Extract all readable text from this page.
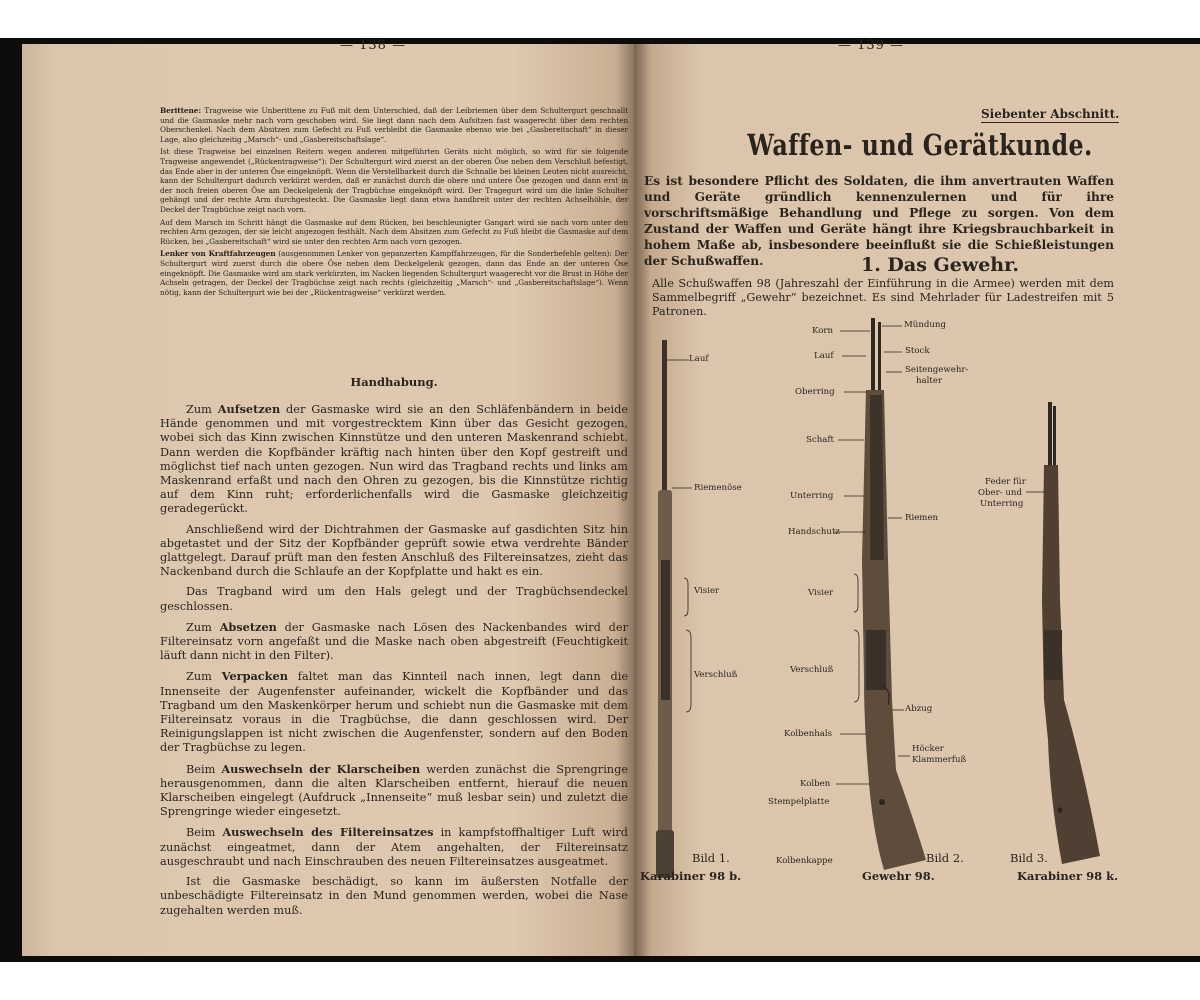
— 138 —

Berittene: Tragweise wie Unberittene zu Fuß mit dem Unterschied, daß der Leibriemen über dem Schultergurt geschnallt und die Gasmaske mehr nach vorn geschoben wird. Sie liegt dann nach dem Aufsitzen fast waagerecht über dem rechten Oberschenkel. Nach dem Absitzen zum Gefecht zu Fuß verbleibt die Gasmaske ebenso wie bei „Gasbereitschaft“ in dieser Lage, also gleichzeitig „Marsch“- und „Gasbereitschaftslage“.

Ist diese Tragweise bei einzelnen Reitern wegen anderen mitgeführten Geräts nicht möglich, so wird für sie folgende Tragweise angewendet („Rückentragweise“): Der Schultergurt wird zuerst an der oberen Öse neben dem Verschluß befestigt, das Ende aber in der unteren Öse eingeknöpft. Wenn die Verstellbarkeit durch die Schnalle bei kleinen Leuten nicht ausreicht, kann der Schultergurt dadurch verkürzt werden, daß er zunächst durch die obere und untere Öse gezogen und dann erst in der noch freien oberen Öse am Deckelgelenk der Tragbüchse eingeknöpft wird. Der Tragegurt wird um die linke Schulter gehängt und der rechte Arm durchgesteckt. Die Gasmaske liegt dann etwa handbreit unter der rechten Achselhöhle, der Deckel der Tragbüchse zeigt nach vorn.

Auf dem Marsch im Schritt hängt die Gasmaske auf dem Rücken, bei beschleunigter Gangart wird sie nach vorn unter den rechten Arm gezogen, der sie leicht angezogen festhält. Nach dem Absitzen zum Gefecht zu Fuß bleibt die Gasmaske auf dem Rücken, bei „Gasbereitschaft“ wird sie unter den rechten Arm nach vorn gezogen.

Lenker von Kraftfahrzeugen (ausgenommen Lenker von gepanzerten Kampffahrzeugen, für die Sonderbefehle gelten): Der Schultergurt wird zuerst durch die obere Öse neben dem Deckelgelenk gezogen, dann das Ende an der unteren Öse eingeknöpft. Die Gasmaske wird am stark verkürzten, im Nacken liegenden Schultergurt waagerecht vor die Brust in Höhe der Achseln getragen, der Deckel der Tragbüchse zeigt nach rechts (gleichzeitig „Marsch“- und „Gasbereitschaftslage“). Wenn nötig, kann der Schultergurt wie bei der „Rückentragweise“ verkürzt werden.

Handhabung.

Zum Aufsetzen der Gasmaske wird sie an den Schläfenbändern in beide Hände genommen und mit vorgestrecktem Kinn über das Gesicht gezogen, wobei sich das Kinn zwischen Kinnstütze und den unteren Maskenrand schiebt. Dann werden die Kopfbänder kräftig nach hinten über den Kopf gestreift und möglichst tief nach unten gezogen. Nun wird das Tragband rechts und links am Maskenrand erfaßt und nach den Ohren zu gezogen, bis die Kinnstütze richtig auf dem Kinn ruht; erforderlichenfalls wird die Gasmaske gleichzeitig geradegerückt.

Anschließend wird der Dichtrahmen der Gasmaske auf gasdichten Sitz hin abgetastet und der Sitz der Kopfbänder geprüft sowie etwa verdrehte Bänder glattgelegt. Darauf prüft man den festen Anschluß des Filtereinsatzes, zieht das Nackenband durch die Schlaufe an der Kopfplatte und hakt es ein.

Das Tragband wird um den Hals gelegt und der Tragbüchsendeckel geschlossen.

Zum Absetzen der Gasmaske nach Lösen des Nackenbandes wird der Filtereinsatz vorn angefaßt und die Maske nach oben abgestreift (Feuchtigkeit läuft dann nicht in den Filter).

Zum Verpacken faltet man das Kinnteil nach innen, legt dann die Innenseite der Augenfenster aufeinander, wickelt die Kopfbänder und das Tragband um den Maskenkörper herum und schiebt nun die Gasmaske mit dem Filtereinsatz voraus in die Tragbüchse, die dann geschlossen wird. Der Reinigungslappen ist nicht zwischen die Augenfenster, sondern auf den Boden der Tragbüchse zu legen.

Beim Auswechseln der Klarscheiben werden zunächst die Sprengringe herausgenommen, dann die alten Klarscheiben entfernt, hierauf die neuen Klarscheiben eingelegt (Aufdruck „Innenseite“ muß lesbar sein) und zuletzt die Sprengringe wieder eingesetzt.

Beim Auswechseln des Filtereinsatzes in kampfstoffhaltiger Luft wird zunächst eingeatmet, dann der Atem angehalten, der Filtereinsatz ausgeschraubt und nach Einschrauben des neuen Filtereinsatzes ausgeatmet.

Ist die Gasmaske beschädigt, so kann im äußersten Notfalle der unbeschädigte Filtereinsatz in den Mund genommen werden, wobei die Nase zugehalten werden muß.

— 139 —
Siebenter Abschnitt.
Waffen- und Gerätkunde.
Es ist besondere Pflicht des Soldaten, die ihm anvertrauten Waffen und Geräte gründlich kennenzulernen und für ihre vorschriftsmäßige Behandlung und Pflege zu sorgen. Von dem Zustand der Waffen und Geräte hängt ihre Kriegsbrauchbarkeit in hohem Maße ab, insbesondere beeinflußt sie die Schießleistungen der Schußwaffen.	1. Das Gewehr.
Alle Schußwaffen 98 (Jahreszahl der Einführung in die Armee) werden mit dem Sammelbegriff „Gewehr“ bezeichnet. Es sind Mehrlader für Ladestreifen mit 5 Patronen.
Lauf
Riemenöse
Visier
Verschluß
Korn
Lauf
Oberring
Schaft
Unterring
Handschutz
Visier
Verschluß
Kolbenhals
Kolben
Stempelplatte
Kolbenkappe
Mündung
Stock
Seitengewehr-
halter
Riemen
Abzug
Höcker
Klammerfuß
Feder für
Ober- und
Unterring
Bild 1.	Bild 2.	Bild 3.
Karabiner 98 b.	Gewehr 98.	Karabiner 98 k.
